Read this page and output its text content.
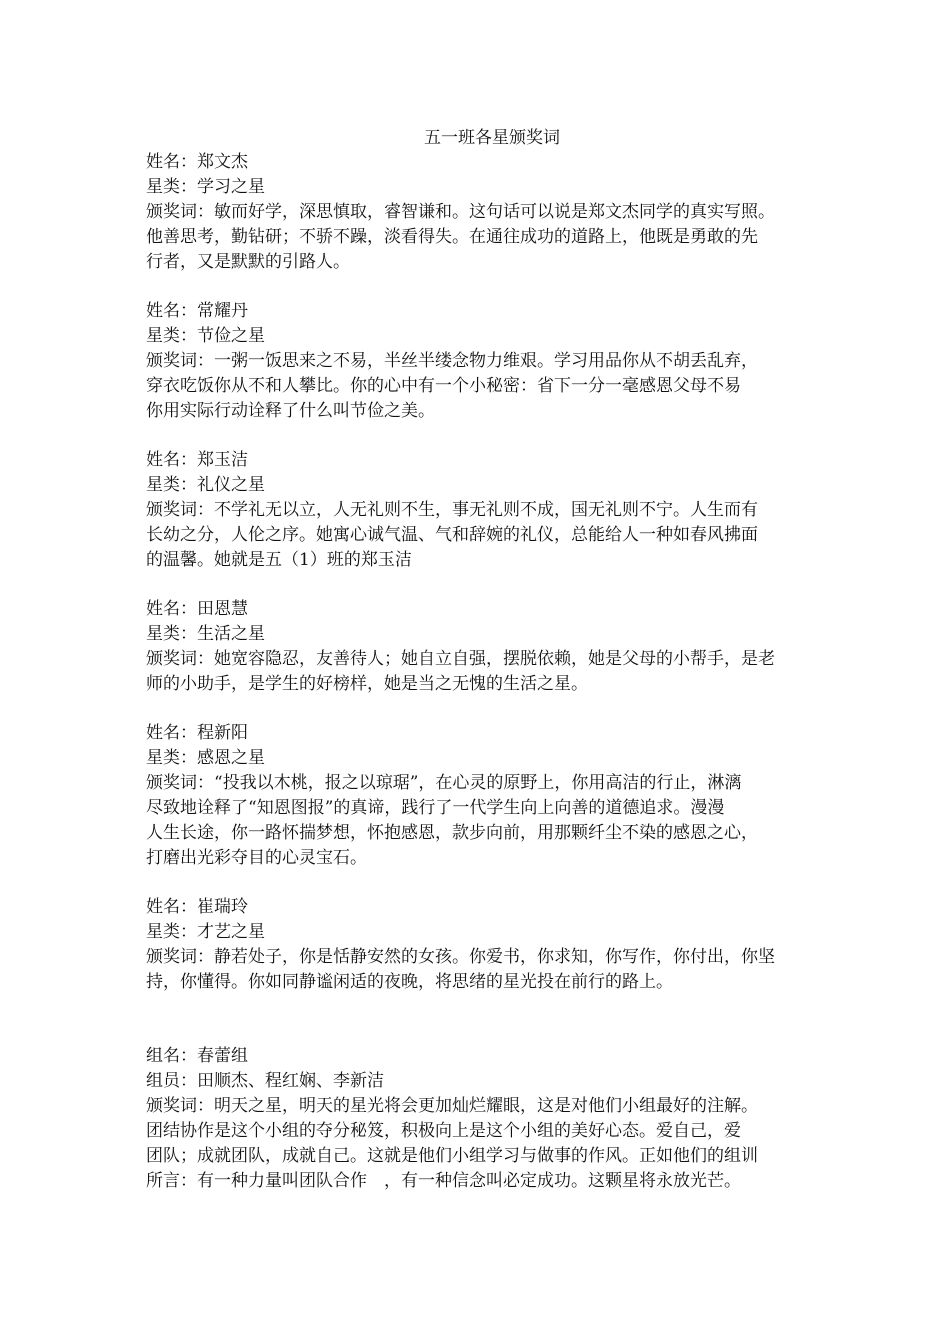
五一班各星颁奖词
姓名：郑文杰
星类：学习之星
颁奖词：敏而好学，深思慎取，睿智谦和。这句话可以说是郑文杰同学的真实写照。
他善思考，勤钻研；不骄不躁，淡看得失。在通往成功的道路上，他既是勇敢的先
行者，又是默默的引路人。
姓名：常耀丹
星类：节俭之星
颁奖词：一粥一饭思来之不易，半丝半缕念物力维艰。学习用品你从不胡丢乱弃，
穿衣吃饭你从不和人攀比。你的心中有一个小秘密：省下一分一毫感恩父母不易
你用实际行动诠释了什么叫节俭之美。
姓名：郑玉洁
星类：礼仪之星
颁奖词：不学礼无以立，人无礼则不生，事无礼则不成，国无礼则不宁。人生而有
长幼之分，人伦之序。她寓心诚气温、气和辞婉的礼仪，总能给人一种如春风拂面
的温馨。她就是五（1）班的郑玉洁
姓名：田恩慧
星类：生活之星
颁奖词：她宽容隐忍，友善待人；她自立自强，摆脱依赖，她是父母的小帮手，是老
师的小助手，是学生的好榜样，她是当之无愧的生活之星。
姓名：程新阳
星类：感恩之星
颁奖词：“投我以木桃，报之以琼琚”，在心灵的原野上，你用高洁的行止，淋漓
尽致地诠释了“知恩图报”的真谛，践行了一代学生向上向善的道德追求。漫漫
人生长途，你一路怀揣梦想，怀抱感恩，款步向前，用那颗纤尘不染的感恩之心，
打磨出光彩夺目的心灵宝石。
姓名：崔瑞玲
星类：才艺之星
颁奖词：静若处子，你是恬静安然的女孩。你爱书，你求知，你写作，你付出，你坚
持，你懂得。你如同静谧闲适的夜晚，将思绪的星光投在前行的路上。
组名：春蕾组
组员：田顺杰、程红娴、李新洁
颁奖词：明天之星，明天的星光将会更加灿烂耀眼，这是对他们小组最好的注解。
团结协作是这个小组的夺分秘笈，积极向上是这个小组的美好心态。爱自己，爱
团队；成就团队，成就自己。这就是他们小组学习与做事的作风。正如他们的组训
所言：有一种力量叫团队合作　，有一种信念叫必定成功。这颗星将永放光芒。
